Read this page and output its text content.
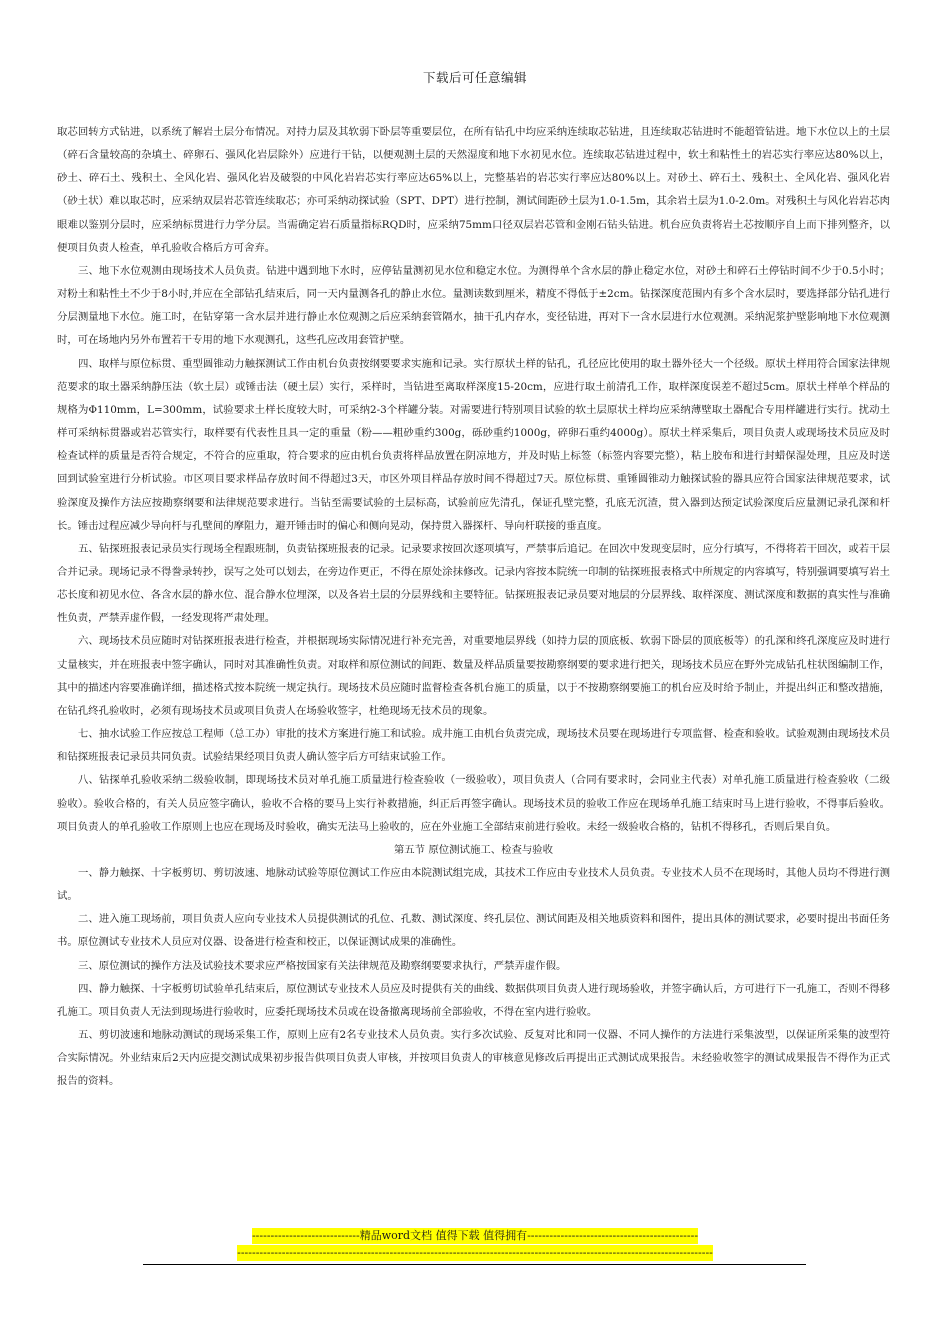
下载后可任意编辑

取芯回转方式钻进，以系统了解岩土层分布情况。对持力层及其软弱下卧层等重要层位，在所有钻孔中均应采纳连续取芯钻进，且连续取芯钻进时不能超管钻进。地下水位以上的土层（碎石含量较高的杂填土、碎卵石、强风化岩层除外）应进行干钻，以便观测土层的天然湿度和地下水初见水位。连续取芯钻进过程中，软土和粘性土的岩芯实行率应达80%以上，砂土、碎石土、残积土、全风化岩、强风化岩及破裂的中风化岩岩芯实行率应达65%以上，完整基岩的岩芯实行率应达80%以上。对砂土、碎石土、残积土、全风化岩、强风化岩（砂土状）难以取芯时，应采纳双层岩芯管连续取芯；亦可采纳动探试验（SPT、DPT）进行控制，测试间距砂土层为1.0-1.5m，其余岩土层为1.0-2.0m。对残积土与风化岩岩芯肉眼难以鉴别分层时，应采纳标贯进行力学分层。当需确定岩石质量指标RQD时，应采纳75mm口径双层岩芯管和金刚石钻头钻进。机台应负责将岩土芯按顺序自上而下排列整齐，以便项目负责人检查，单孔验收合格后方可舍弃。

三、地下水位观测由现场技术人员负责。钻进中遇到地下水时，应停钻量测初见水位和稳定水位。为测得单个含水层的静止稳定水位，对砂土和碎石土停钻时间不少于0.5小时；对粉土和粘性土不少于8小时,并应在全部钻孔结束后，同一天内量测各孔的静止水位。量测读数到厘米，精度不得低于±2cm。钻探深度范围内有多个含水层时，要选择部分钻孔进行分层测量地下水位。施工时，在钻穿第一含水层并进行静止水位观测之后应采纳套管隔水，抽干孔内存水，变径钻进，再对下一含水层进行水位观测。采纳泥浆护壁影响地下水位观测时，可在场地内另外布置若干专用的地下水观测孔，这些孔应改用套管护壁。

四、取样与原位标贯、重型圆锥动力触探测试工作由机台负责按纲要要求实施和记录。实行原状土样的钻孔，孔径应比使用的取土器外径大一个径级。原状土样用符合国家法律规范要求的取土器采纳静压法（软土层）或锤击法（硬土层）实行，采样时，当钻进至离取样深度15-20cm，应进行取土前清孔工作，取样深度误差不超过5cm。原状土样单个样品的规格为Φ110mm，L=300mm，试验要求土样长度较大时，可采纳2-3个样罐分装。对需要进行特别项目试验的软土层原状土样均应采纳薄壁取土器配合专用样罐进行实行。扰动土样可采纳标贯器或岩芯管实行，取样要有代表性且具一定的重量（粉——粗砂重约300g，砾砂重约1000g，碎卵石重约4000g）。原状土样采集后，项目负责人或现场技术员应及时检查试样的质量是否符合规定，不符合的应重取，符合要求的应由机台负责将样品放置在阴凉地方，并及时贴上标签（标签内容要完整），粘上胶布和进行封蜡保湿处理，且应及时送回到试验室进行分析试验。市区项目要求样品存放时间不得超过3天，市区外项目样品存放时间不得超过7天。原位标贯、重锤圆锥动力触探试验的器具应符合国家法律规范要求，试验深度及操作方法应按勘察纲要和法律规范要求进行。当钻至需要试验的土层标高，试验前应先清孔，保证孔壁完整，孔底无沉渣，贯入器到达预定试验深度后应量测记录孔深和杆长。锤击过程应减少导向杆与孔壁间的摩阻力，避开锤击时的偏心和侧向晃动，保持贯入器探杆、导向杆联接的垂直度。

五、钻探班报表记录员实行现场全程跟班制，负责钻探班报表的记录。记录要求按回次逐项填写，严禁事后追记。在回次中发现变层时，应分行填写，不得将若干回次，或若干层合并记录。现场记录不得誊录转抄，误写之处可以划去，在旁边作更正，不得在原处涂抹修改。记录内容按本院统一印制的钻探班报表格式中所规定的内容填写，特别强调要填写岩土芯长度和初见水位、各含水层的静水位、混合静水位埋深，以及各岩土层的分层界线和主要特征。钻探班报表记录员要对地层的分层界线、取样深度、测试深度和数据的真实性与准确性负责，严禁弄虚作假，一经发现将严肃处理。

六、现场技术员应随时对钻探班报表进行检查，并根据现场实际情况进行补充完善，对重要地层界线（如持力层的顶底板、软弱下卧层的顶底板等）的孔深和终孔深度应及时进行丈量核实，并在班报表中签字确认，同时对其准确性负责。对取样和原位测试的间距、数量及样品质量要按勘察纲要的要求进行把关，现场技术员应在野外完成钻孔柱状图编制工作，其中的描述内容要准确详细，描述格式按本院统一规定执行。现场技术员应随时监督检查各机台施工的质量，以于不按勘察纲要施工的机台应及时给予制止，并提出纠正和整改措施，在钻孔终孔验收时，必须有现场技术员或项目负责人在场验收签字，杜绝现场无技术员的现象。

七、抽水试验工作应按总工程师（总工办）审批的技术方案进行施工和试验。成井施工由机台负责完成，现场技术员要在现场进行专项监督、检查和验收。试验观测由现场技术员和钻探班报表记录员共同负责。试验结果经项目负责人确认签字后方可结束试验工作。

八、钻探单孔验收采纳二级验收制，即现场技术员对单孔施工质量进行检查验收（一级验收），项目负责人（合同有要求时，会同业主代表）对单孔施工质量进行检查验收（二级验收）。验收合格的，有关人员应签字确认，验收不合格的要马上实行补救措施，纠正后再签字确认。现场技术员的验收工作应在现场单孔施工结束时马上进行验收，不得事后验收。项目负责人的单孔验收工作原则上也应在现场及时验收，确实无法马上验收的，应在外业施工全部结束前进行验收。未经一级验收合格的，钻机不得移孔，否则后果自负。

第五节 原位测试施工、检查与验收

一、静力触探、十字板剪切、剪切波速、地脉动试验等原位测试工作应由本院测试组完成，其技术工作应由专业技术人员负责。专业技术人员不在现场时，其他人员均不得进行测试。

二、进入施工现场前，项目负责人应向专业技术人员提供测试的孔位、孔数、测试深度、终孔层位、测试间距及相关地质资料和图件，提出具体的测试要求，必要时提出书面任务书。原位测试专业技术人员应对仪器、设备进行检查和校正，以保证测试成果的准确性。

三、原位测试的操作方法及试验技术要求应严格按国家有关法律规范及勘察纲要要求执行，严禁弄虚作假。

四、静力触探、十字板剪切试验单孔结束后，原位测试专业技术人员应及时提供有关的曲线、数据供项目负责人进行现场验收，并签字确认后，方可进行下一孔施工，否则不得移孔施工。项目负责人无法到现场进行验收时，应委托现场技术员或在设备撤离现场前全部验收，不得在室内进行验收。

五、剪切波速和地脉动测试的现场采集工作，原则上应有2名专业技术人员负责。实行多次试验、反复对比和同一仪器、不同人操作的方法进行采集波型，以保证所采集的波型符合实际情况。外业结束后2天内应提交测试成果初步报告供项目负责人审核，并按项目负责人的审核意见修改后再提出正式测试成果报告。未经验收签字的测试成果报告不得作为正式报告的资料。

-----------------------------精品word文档 值得下载 值得拥有----------------------------------------------
--------------------------------------------------------------------------------------------------------------------------------
